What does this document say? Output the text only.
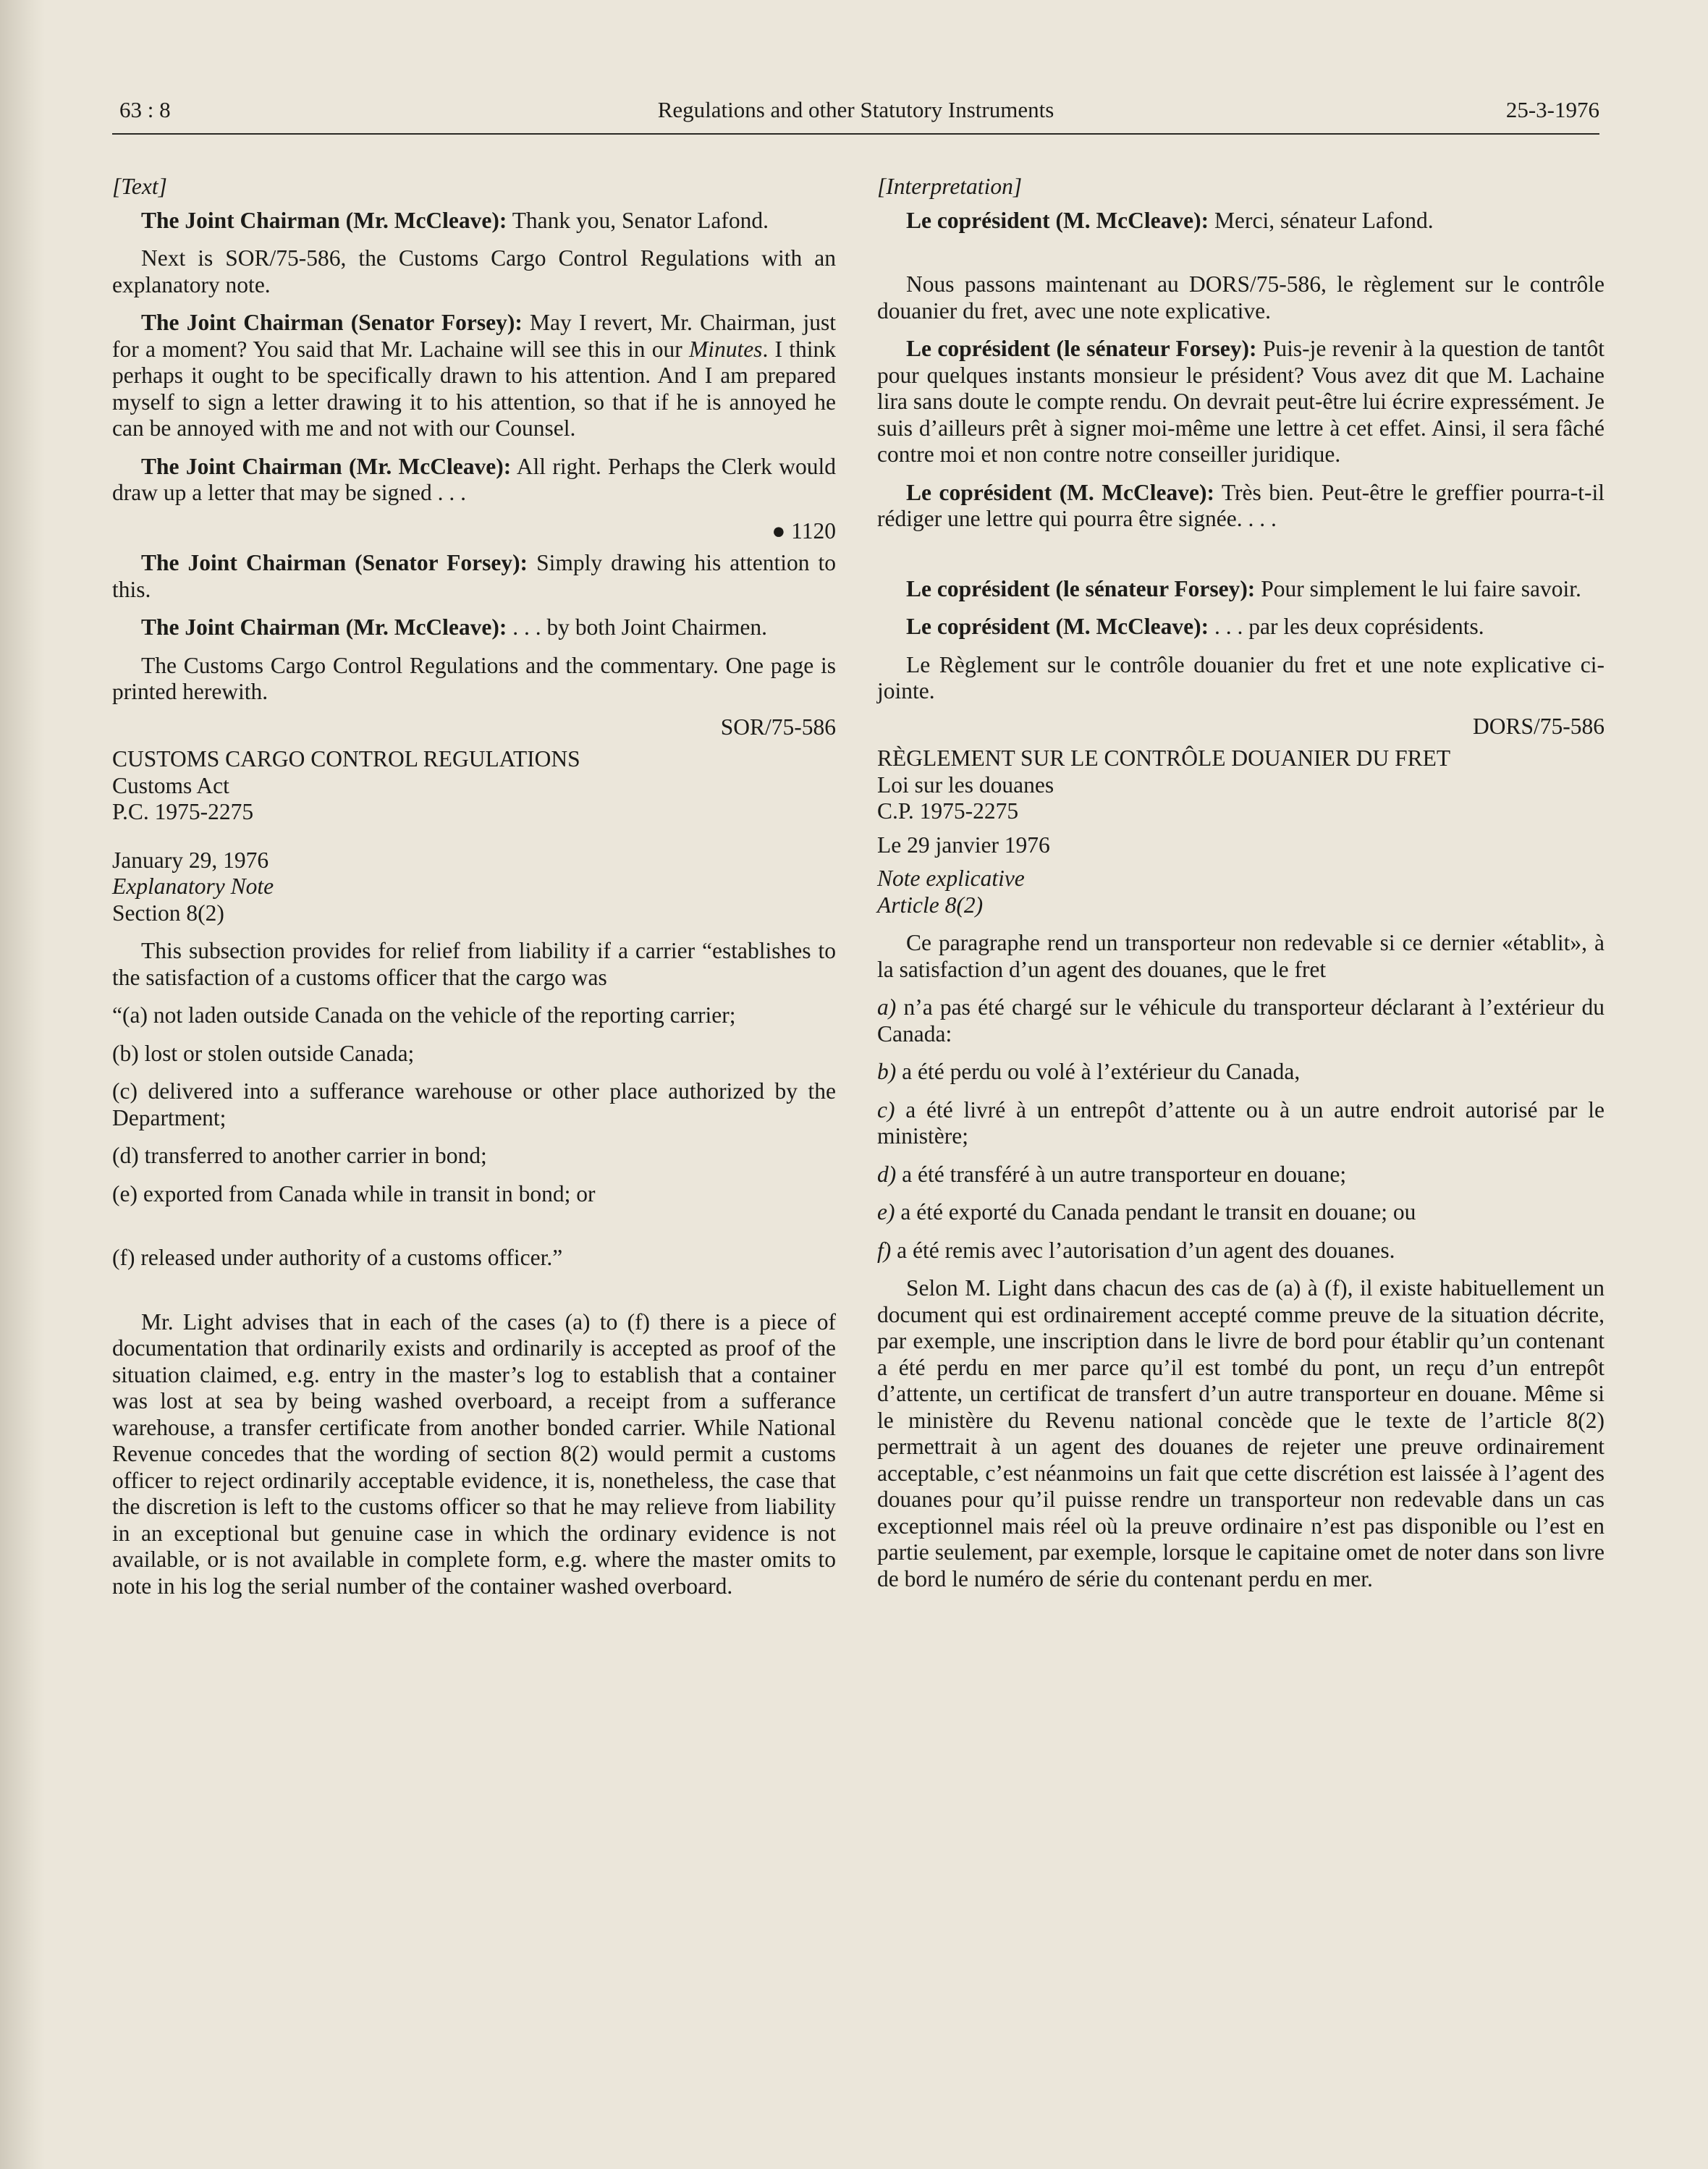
63 : 8	Regulations and other Statutory Instruments	25-3-1976

[Text]

The Joint Chairman (Mr. McCleave): Thank you, Senator Lafond.

Next is SOR/75-586, the Customs Cargo Control Regulations with an explanatory note.

The Joint Chairman (Senator Forsey): May I revert, Mr. Chairman, just for a moment? You said that Mr. Lachaine will see this in our Minutes. I think perhaps it ought to be specifically drawn to his attention. And I am prepared myself to sign a letter drawing it to his attention, so that if he is annoyed he can be annoyed with me and not with our Counsel.

The Joint Chairman (Mr. McCleave): All right. Perhaps the Clerk would draw up a letter that may be signed . . .

● 1120

The Joint Chairman (Senator Forsey): Simply drawing his attention to this.

The Joint Chairman (Mr. McCleave): . . . by both Joint Chairmen.

The Customs Cargo Control Regulations and the commentary. One page is printed herewith.

SOR/75-586

CUSTOMS CARGO CONTROL REGULATIONS

Customs Act

P.C. 1975-2275

January 29, 1976

Explanatory Note

Section 8(2)

This subsection provides for relief from liability if a carrier “establishes to the satisfaction of a customs officer that the cargo was

“(a) not laden outside Canada on the vehicle of the reporting carrier;

(b) lost or stolen outside Canada;

(c) delivered into a sufferance warehouse or other place authorized by the Department;

(d) transferred to another carrier in bond;

(e) exported from Canada while in transit in bond; or

(f) released under authority of a customs officer.”

Mr. Light advises that in each of the cases (a) to (f) there is a piece of documentation that ordinarily exists and ordinarily is accepted as proof of the situation claimed, e.g. entry in the master’s log to establish that a container was lost at sea by being washed overboard, a receipt from a sufferance warehouse, a transfer certificate from another bonded carrier. While National Revenue concedes that the wording of section 8(2) would permit a customs officer to reject ordinarily acceptable evidence, it is, nonetheless, the case that the discretion is left to the customs officer so that he may relieve from liability in an exceptional but genuine case in which the ordinary evidence is not available, or is not available in complete form, e.g. where the master omits to note in his log the serial number of the container washed overboard.

[Interpretation]

Le coprésident (M. McCleave): Merci, sénateur Lafond.

Nous passons maintenant au DORS/75-586, le règlement sur le contrôle douanier du fret, avec une note explicative.

Le coprésident (le sénateur Forsey): Puis-je revenir à la question de tantôt pour quelques instants monsieur le président? Vous avez dit que M. Lachaine lira sans doute le compte rendu. On devrait peut-être lui écrire expressément. Je suis d’ailleurs prêt à signer moi-même une lettre à cet effet. Ainsi, il sera fâché contre moi et non contre notre conseiller juridique.

Le coprésident (M. McCleave): Très bien. Peut-être le greffier pourra-t-il rédiger une lettre qui pourra être signée. . . .

Le coprésident (le sénateur Forsey): Pour simplement le lui faire savoir.

Le coprésident (M. McCleave): . . . par les deux coprésidents.

Le Règlement sur le contrôle douanier du fret et une note explicative ci-jointe.

DORS/75-586

RÈGLEMENT SUR LE CONTRÔLE DOUANIER DU FRET

Loi sur les douanes

C.P. 1975-2275

Le 29 janvier 1976

Note explicative

Article 8(2)

Ce paragraphe rend un transporteur non redevable si ce dernier «établit», à la satisfaction d’un agent des douanes, que le fret

a) n’a pas été chargé sur le véhicule du transporteur déclarant à l’extérieur du Canada:

b) a été perdu ou volé à l’extérieur du Canada,

c) a été livré à un entrepôt d’attente ou à un autre endroit autorisé par le ministère;

d) a été transféré à un autre transporteur en douane;

e) a été exporté du Canada pendant le transit en douane; ou

f) a été remis avec l’autorisation d’un agent des douanes.

Selon M. Light dans chacun des cas de (a) à (f), il existe habituellement un document qui est ordinairement accepté comme preuve de la situation décrite, par exemple, une inscription dans le livre de bord pour établir qu’un contenant a été perdu en mer parce qu’il est tombé du pont, un reçu d’un entrepôt d’attente, un certificat de transfert d’un autre transporteur en douane. Même si le ministère du Revenu national concède que le texte de l’article 8(2) permettrait à un agent des douanes de rejeter une preuve ordinairement acceptable, c’est néanmoins un fait que cette discrétion est laissée à l’agent des douanes pour qu’il puisse rendre un transporteur non redevable dans un cas exceptionnel mais réel où la preuve ordinaire n’est pas disponible ou l’est en partie seulement, par exemple, lorsque le capitaine omet de noter dans son livre de bord le numéro de série du contenant perdu en mer.
